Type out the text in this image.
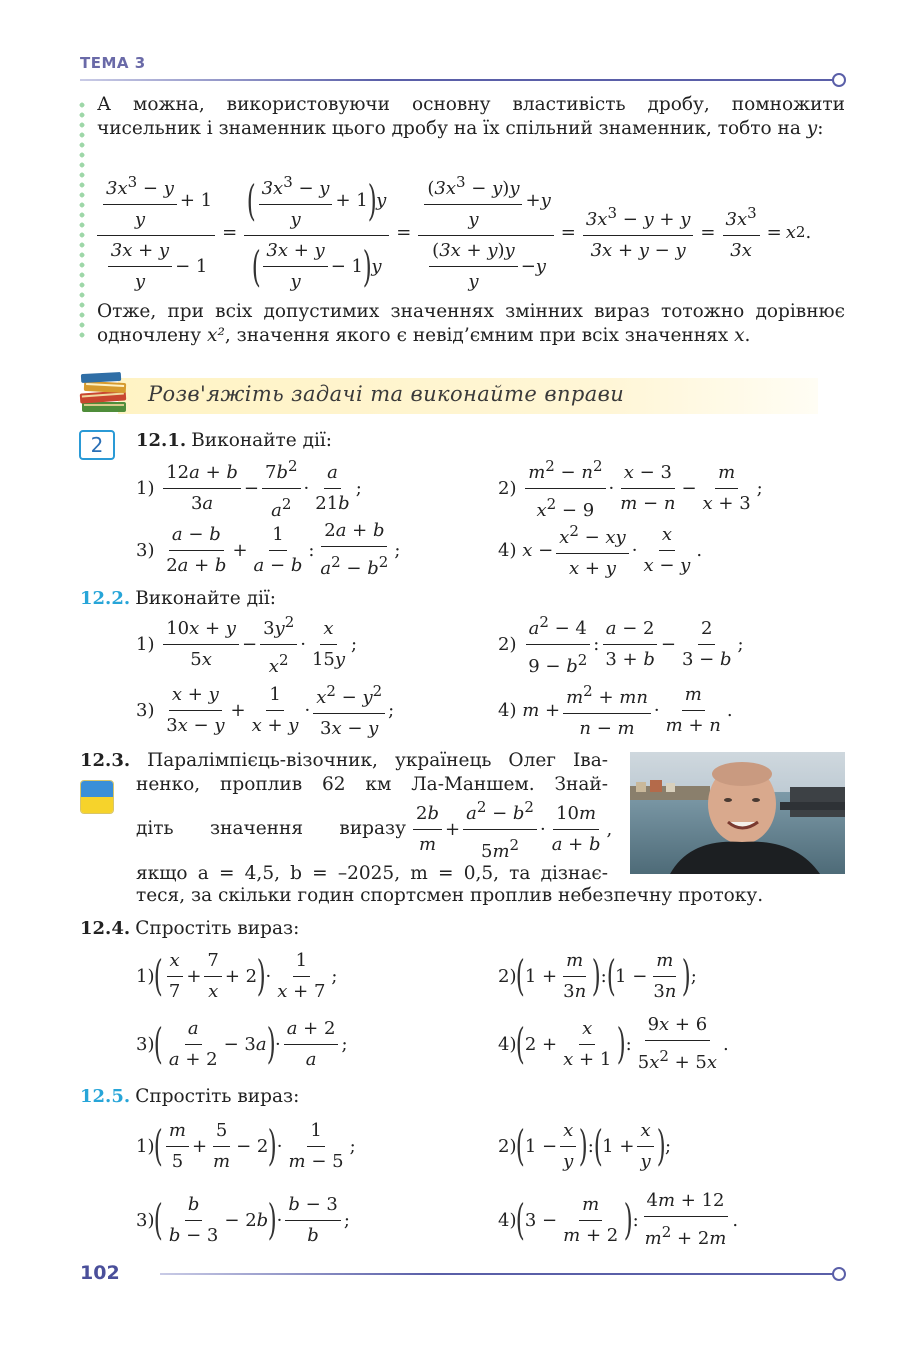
ТЕМА 3
А можна, використовуючи основну властивість дробу, помножити чисельник і знаменник цього дробу на їх спільний знаменник, тобто на y:
$\frac{\frac{3x^3 - y}{y} + 1}{\frac{3x + y}{y} - 1} = \frac{( \frac{3x^3 - y}{y} + 1 ) y}{( \frac{3x + y}{y} - 1 ) y} = \frac{\frac{(3x^3 - y)y}{y} + y}{\frac{(3x + y)y}{y} - y} = \frac{3x^3 - y + y}{3x + y - y} = \frac{3x^3}{3x} = x$ 2 .
Отже, при всіх допустимих значеннях змінних вираз тотожно дорівнює одночлену x², значення якого є невід’ємним при всіх значеннях x.
Розв'яжіть задачі та виконайте вправи
2	12.1.
Виконайте дії:
$1) \frac{12a + b}{3a} - \frac{7b^2}{a^2} \cdot \frac{a}{21b}$ ;	$2) \frac{m^2 - n^2}{x^2 - 9} \cdot \frac{x - 3}{m - n} - \frac{m}{x + 3}$ ;
$3) \frac{a - b}{2a + b} + \frac{1}{a - b}$ : $\frac{2a + b}{a^2 - b^2}$ ;	4) $x - \frac{x^2 - xy}{x + y} \cdot \frac{x}{x - y}$ .
12.2.
Виконайте дії:
$1) \frac{10x + y}{5x} - \frac{3y^2}{x^2} \cdot \frac{x}{15y}$ ;	$2) \frac{a^2 - 4}{9 - b^2}$ : $\frac{a - 2}{3 + b} - \frac{2}{3 - b}$ ;
$3) \frac{x + y}{3x - y} + \frac{1}{x + y} \cdot \frac{x^2 - y^2}{3x - y}$ ;	4) $m + \frac{m^2 + mn}{n - m} \cdot \frac{m}{m + n}$ .
12.3. Паралімпієць-візочник, українець Олег Іва-
ненко, проплив 62 км Ла-Маншем. Знай-
діть значення виразу $\frac{2b}{m} + \frac{a^2 - b^2}{5m^2} \cdot \frac{10m}{a + b}$ ,
якщо a = 4,5, b = –2025, m = 0,5, та дізнає-
теся, за скільки годин спортсмен проплив небезпечну протоку.
12.4.
Спростіть вираз:
1) ( $\frac{x}{7} + \frac{7}{x} + 2$ ) · $\frac{1}{x + 7}$ ;	2) ( $1 + \frac{m}{3n}$ ) : ( $1 - \frac{m}{3n}$ ) ;
3) ( $\frac{a}{a + 2} - 3$ a ) · $\frac{a + 2}{a}$ ;	4) ( $2 + \frac{x}{x + 1}$ ) : $\frac{9x + 6}{5x^2 + 5x}$ .
12.5.
Спростіть вираз:
1) ( $\frac{m}{5} + \frac{5}{m} - 2$ ) · $\frac{1}{m - 5}$ ;	2) ( $1 - \frac{x}{y}$ ) : ( $1 + \frac{x}{y}$ ) ;
3) ( $\frac{b}{b - 3} - 2$ b ) · $\frac{b - 3}{b}$ ;	4) ( $3 - \frac{m}{m + 2}$ ) : $\frac{4m + 12}{m^2 + 2m}$ .
102
